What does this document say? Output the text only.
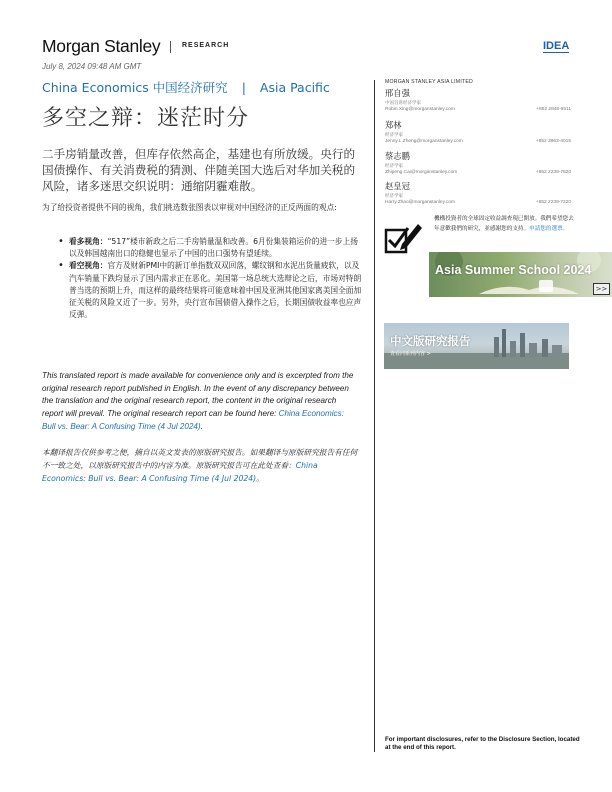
Morgan Stanley	RESEARCH	IDEA
July 8, 2024 09:48 AM GMT
China Economics 中国经济研究 | Asia Pacific
多空之辩：迷茫时分
二手房销量改善，但库存依然高企，基建也有所放缓。央行的国债操作、有关消费税的猜测、伴随美国大选后对华加关税的风险，诸多迷思交织说明：通缩阴霾难散。
为了给投资者提供不同的视角，我们挑选数张图表以审视对中国经济的正反两面的观点:
• 看多视角：“517”楼市新政之后二手房销量温和改善。6月份集装箱运价的进一步上扬以及韩国越南出口的稳健也显示了中国的出口强势有望延续。
• 看空视角：官方及财新PMI中的新订单指数双双回落，螺纹钢和水泥出货量疲软，以及汽车销量下跌均显示了国内需求正在恶化。美国第一场总统大选辩论之后，市场对特朗普当选的预期上升，而这样的最终结果将可能意味着中国及亚洲其他国家离美国全面加征关税的风险又近了一步。另外，央行宣布国债借入操作之后，长期国债收益率也应声反弹。
This translated report is made available for convenience only and is excerpted from the original research report published in English. In the event of any discrepancy between the translation and the original research report, the content in the original research report will prevail. The original research report can be found here: China Economics: Bull vs. Bear: A Confusing Time (4 Jul 2024).
本翻译报告仅供参考之便，摘自以英文发表的原版研究报告。如果翻译与原版研究报告有任何不一致之处，以原版研究报告中的内容为准。原版研究报告可在此处查看：China Economics: Bull vs. Bear: A Confusing Time (4 Jul 2024)。
MORGAN STANLEY ASIA LIMITED
邢自强
中国首席经济学家
Robin.Xing@morganstanley.com	+852 2848-6511
郑林
经济学家
Jenny.L.Zheng@morganstanley.com	+852 3963-4015
蔡志鹏
经济学家
Zhipeng.Cai@morganstanley.com	+852 2239-7820
赵皇冠
经济学家
Harry.Zhao@morganstanley.com	+852 2239-7220
機構投資者的全球固定收益調查現已開放。我們希望您去年意歡我們的研究，並感謝您的支持。申請您的選票。
Asia Summer School 2024
>>
中文版研究报告
查看同系列内容 >
For important disclosures, refer to the Disclosure Section, located at the end of this report.
